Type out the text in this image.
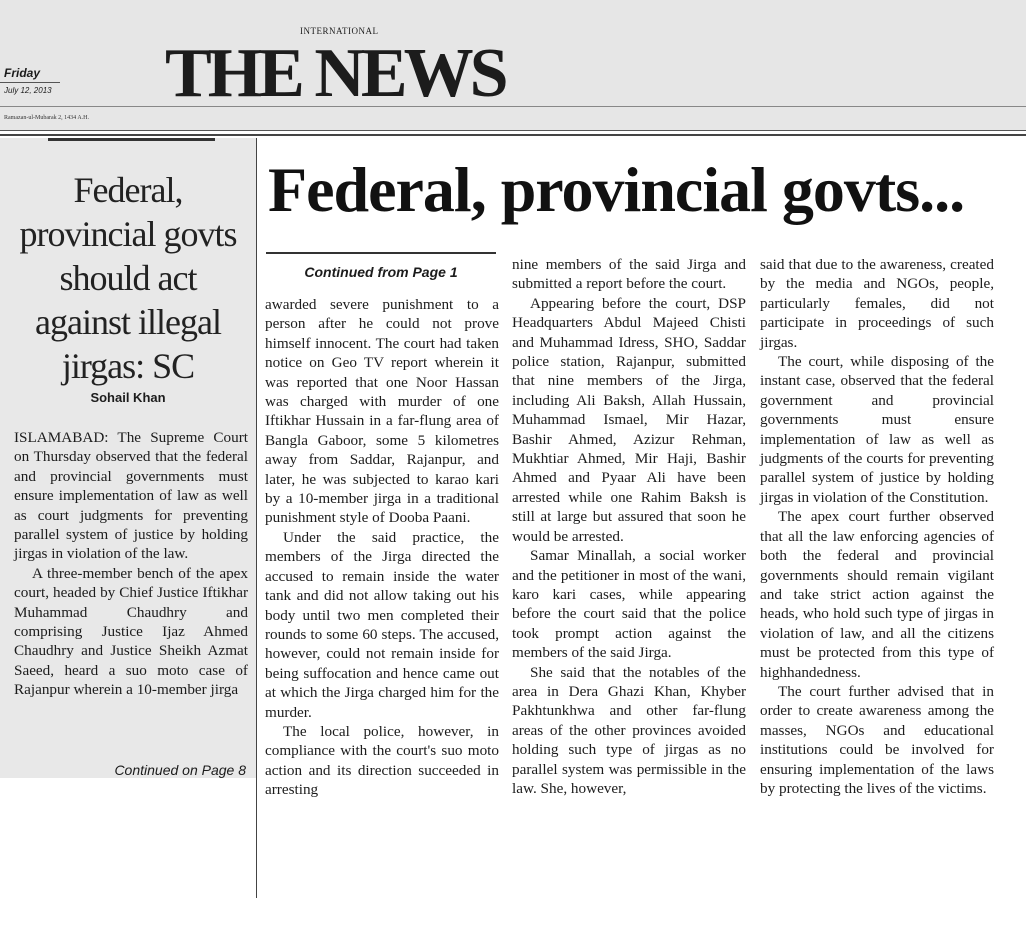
Friday
July 12, 2013
Ramazan-ul-Mubarak 2, 1434 A.H.
INTERNATIONAL
THE NEWS
Federal, provincial govts should act against illegal jirgas: SC
Sohail Khan

ISLAMABAD: The Supreme Court on Thursday observed that the federal and provincial governments must ensure implementation of law as well as court judgments for preventing parallel system of justice by holding jirgas in violation of the law.

A three-member bench of the apex court, headed by Chief Justice Iftikhar Muhammad Chaudhry and comprising Justice Ijaz Ahmed Chaudhry and Justice Sheikh Azmat Saeed, heard a suo moto case of Rajanpur wherein a 10-member jirga

Continued on Page 8
Federal, provincial govts...
Continued from Page 1

awarded severe punishment to a person after he could not prove himself innocent. The court had taken notice on Geo TV report wherein it was reported that one Noor Hassan was charged with murder of one Iftikhar Hussain in a far-flung area of Bangla Gaboor, some 5 kilometres away from Saddar, Rajanpur, and later, he was subjected to karao kari by a 10-member jirga in a traditional punishment style of Dooba Paani.

Under the said practice, the members of the Jirga directed the accused to remain inside the water tank and did not allow taking out his body until two men completed their rounds to some 60 steps. The accused, however, could not remain inside for being suffocation and hence came out at which the Jirga charged him for the murder.

The local police, however, in compliance with the court's suo moto action and its direction succeeded in arresting

nine members of the said Jirga and submitted a report before the court.

Appearing before the court, DSP Headquarters Abdul Majeed Chisti and Muhammad Idress, SHO, Saddar police station, Rajanpur, submitted that nine members of the Jirga, including Ali Baksh, Allah Hussain, Muhammad Ismael, Mir Hazar, Bashir Ahmed, Azizur Rehman, Mukhtiar Ahmed, Mir Haji, Bashir Ahmed and Pyaar Ali have been arrested while one Rahim Baksh is still at large but assured that soon he would be arrested.

Samar Minallah, a social worker and the petitioner in most of the wani, karo kari cases, while appearing before the court said that the police took prompt action against the members of the said Jirga.

She said that the notables of the area in Dera Ghazi Khan, Khyber Pakhtunkhwa and other far-flung areas of the other provinces avoided holding such type of jirgas as no parallel system was permissible in the law. She, however,

said that due to the awareness, created by the media and NGOs, people, particularly females, did not participate in proceedings of such jirgas.

The court, while disposing of the instant case, observed that the federal government and provincial governments must ensure implementation of law as well as judgments of the courts for preventing parallel system of justice by holding jirgas in violation of the Constitution.

The apex court further observed that all the law enforcing agencies of both the federal and provincial governments should remain vigilant and take strict action against the heads, who hold such type of jirgas in violation of law, and all the citizens must be protected from this type of highhandedness.

The court further advised that in order to create awareness among the masses, NGOs and educational institutions could be involved for ensuring implementation of the laws by protecting the lives of the victims.
